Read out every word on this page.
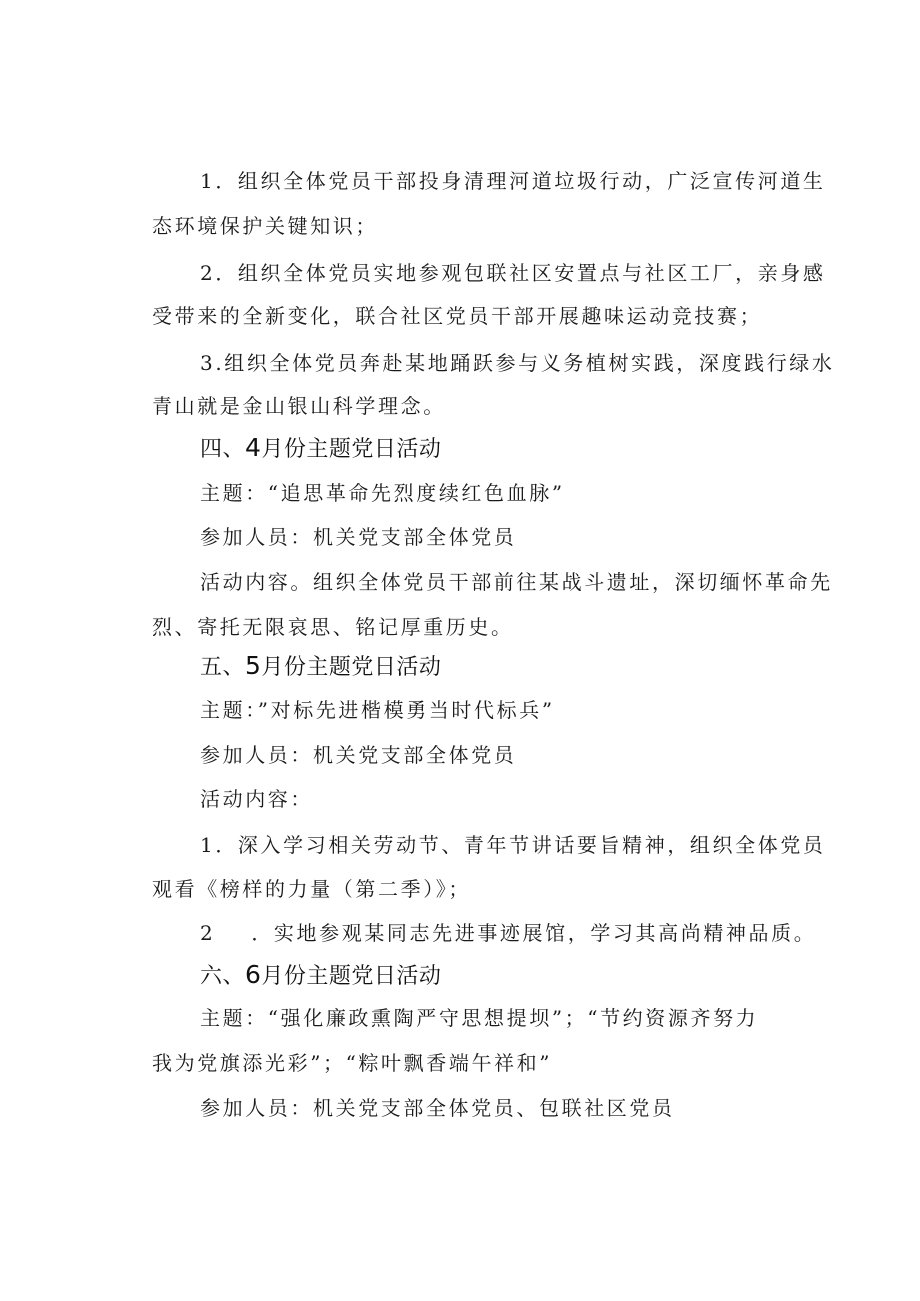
1．组织全体党员干部投身清理河道垃圾行动，广泛宣传河道生
态环境保护关键知识；
2．组织全体党员实地参观包联社区安置点与社区工厂，亲身感
受带来的全新变化，联合社区党员干部开展趣味运动竞技赛；
3.组织全体党员奔赴某地踊跃参与义务植树实践，深度践行绿水
青山就是金山银山科学理念。
四、4月份主题党日活动
主题：“追思革命先烈度续红色血脉”
参加人员：机关党支部全体党员
活动内容。组织全体党员干部前往某战斗遗址，深切缅怀革命先
烈、寄托无限哀思、铭记厚重历史。
五、5月份主题党日活动
主题：”对标先进楷模勇当时代标兵”
参加人员：机关党支部全体党员
活动内容：
1．深入学习相关劳动节、青年节讲话要旨精神，组织全体党员
观看《榜样的力量（第二季）》；
2 ．实地参观某同志先进事迹展馆，学习其高尚精神品质。
六、6月份主题党日活动
主题：“强化廉政熏陶严守思想提坝”；“节约资源齐努力
我为党旗添光彩”；“粽叶飘香端午祥和”
参加人员：机关党支部全体党员、包联社区党员
